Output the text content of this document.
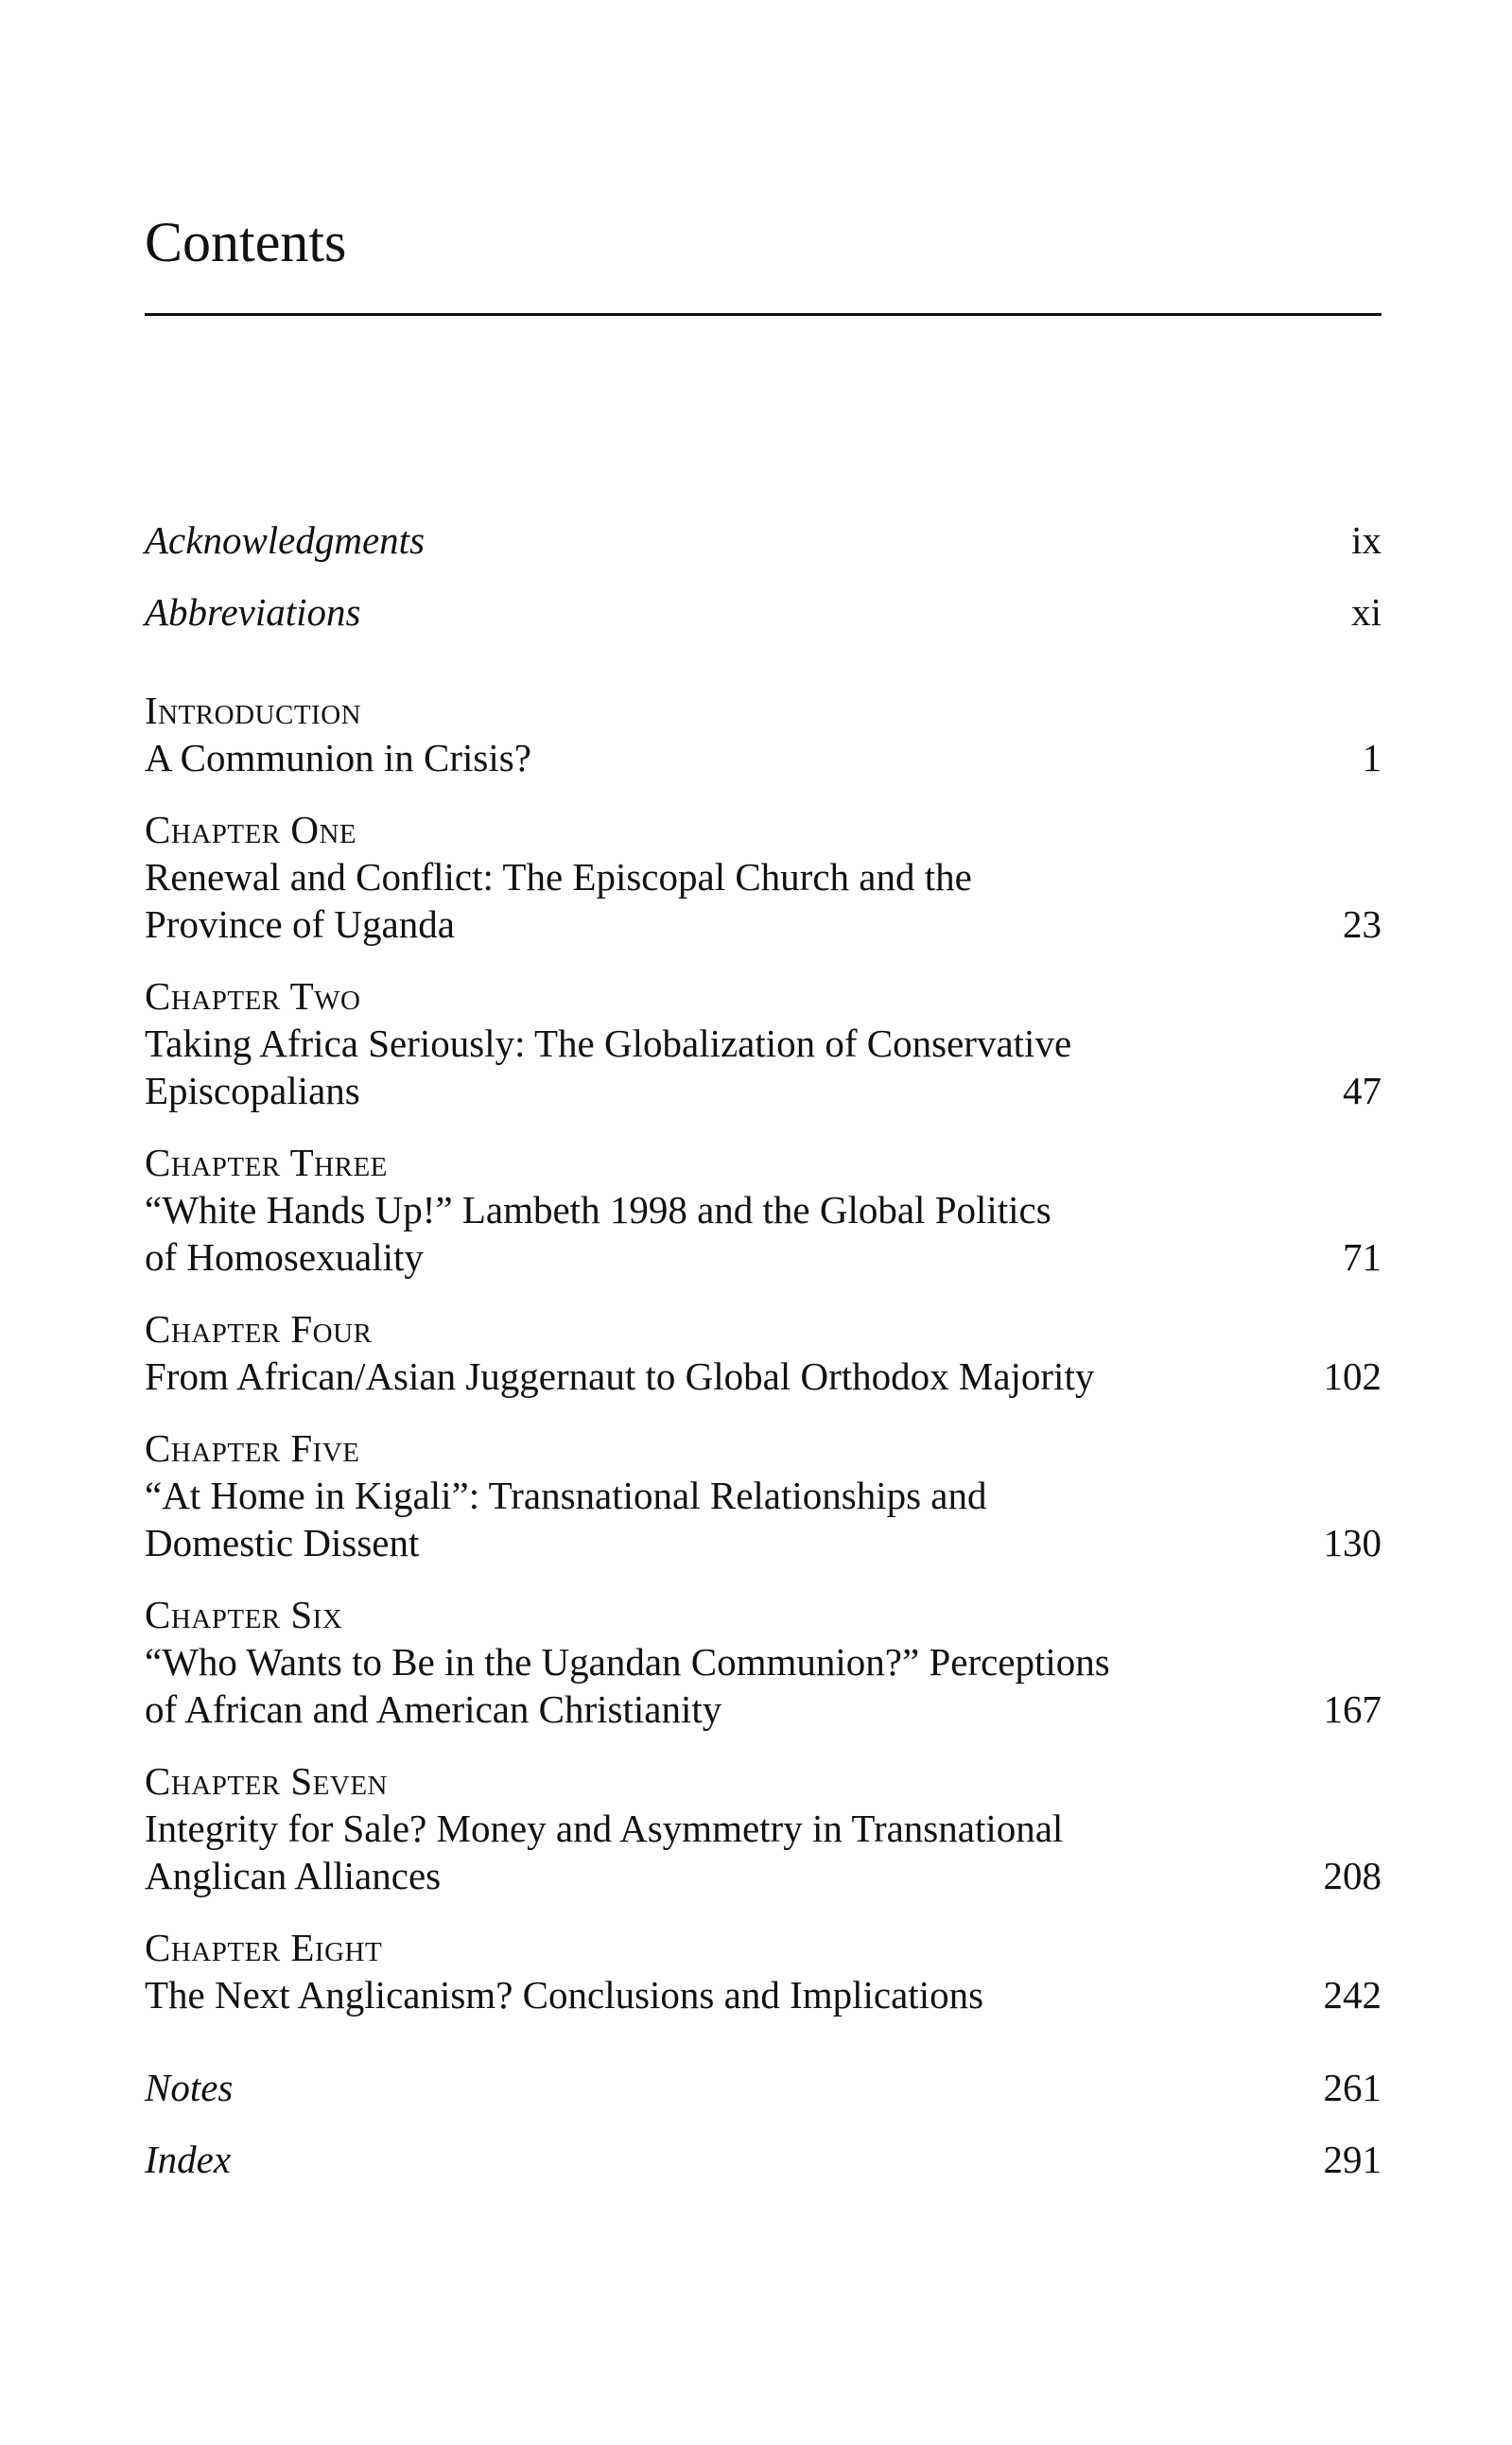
Contents
Acknowledgments	ix
Abbreviations	xi
Introduction
A Communion in Crisis?	1
Chapter One
Renewal and Conflict: The Episcopal Church and the
Province of Uganda	23
Chapter Two
Taking Africa Seriously: The Globalization of Conservative
Episcopalians	47
Chapter Three
“White Hands Up!” Lambeth 1998 and the Global Politics
of Homosexuality	71
Chapter Four
From African/Asian Juggernaut to Global Orthodox Majority	102
Chapter Five
“At Home in Kigali”: Transnational Relationships and
Domestic Dissent	130
Chapter Six
“Who Wants to Be in the Ugandan Communion?” Perceptions
of African and American Christianity	167
Chapter Seven
Integrity for Sale? Money and Asymmetry in Transnational
Anglican Alliances	208
Chapter Eight
The Next Anglicanism? Conclusions and Implications	242
Notes	261
Index	291
